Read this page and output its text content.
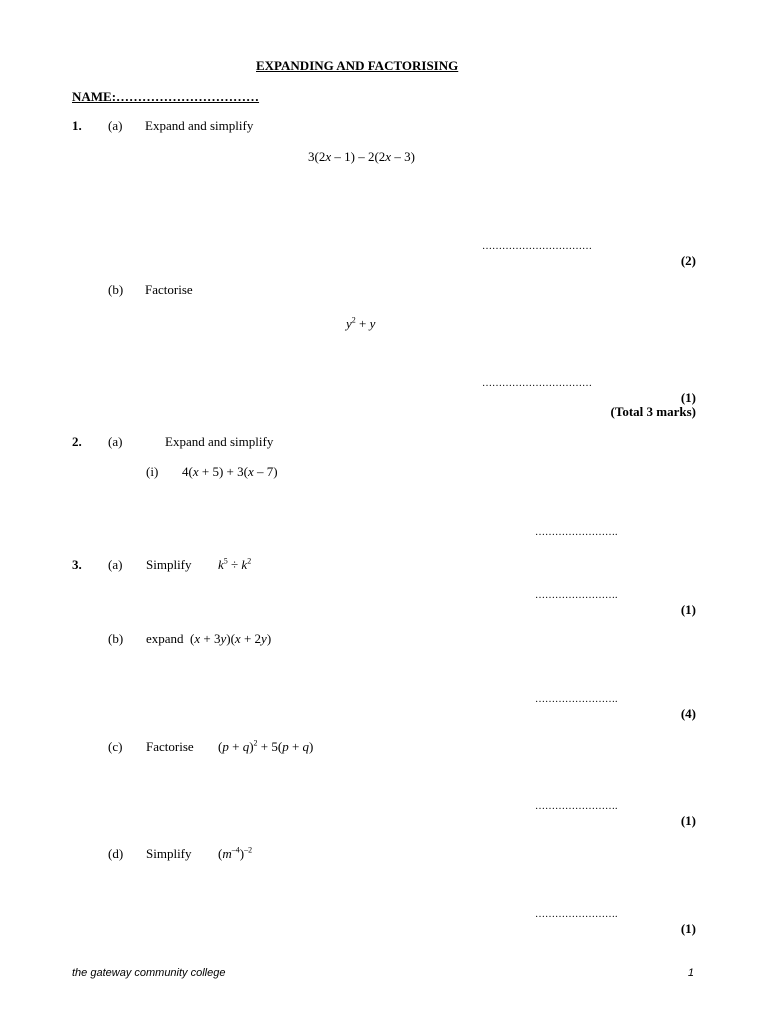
EXPANDING AND FACTORISING
NAME:……………………………
1. (a) Expand and simplify
3(2x – 1) – 2(2x – 3)
……………………………
(2)
(b) Factorise
$y^2 + y$
……………………………
(1)
(Total 3 marks)
2. (a)	Expand and simplify
(i) 4(x + 5) + 3(x – 7)
…………………….
3. (a) Simplify $k^5 \div k^2$
…………………….
(1)
(b) expand (x + 3y)(x + 2y)
…………………….
(4)
(c) Factorise $(p + q)^2 + 5(p + q)$
…………………….
(1)
(d) Simplify $(m^{-4})^{-2}$
…………………….
(1)
the gateway community college	1
